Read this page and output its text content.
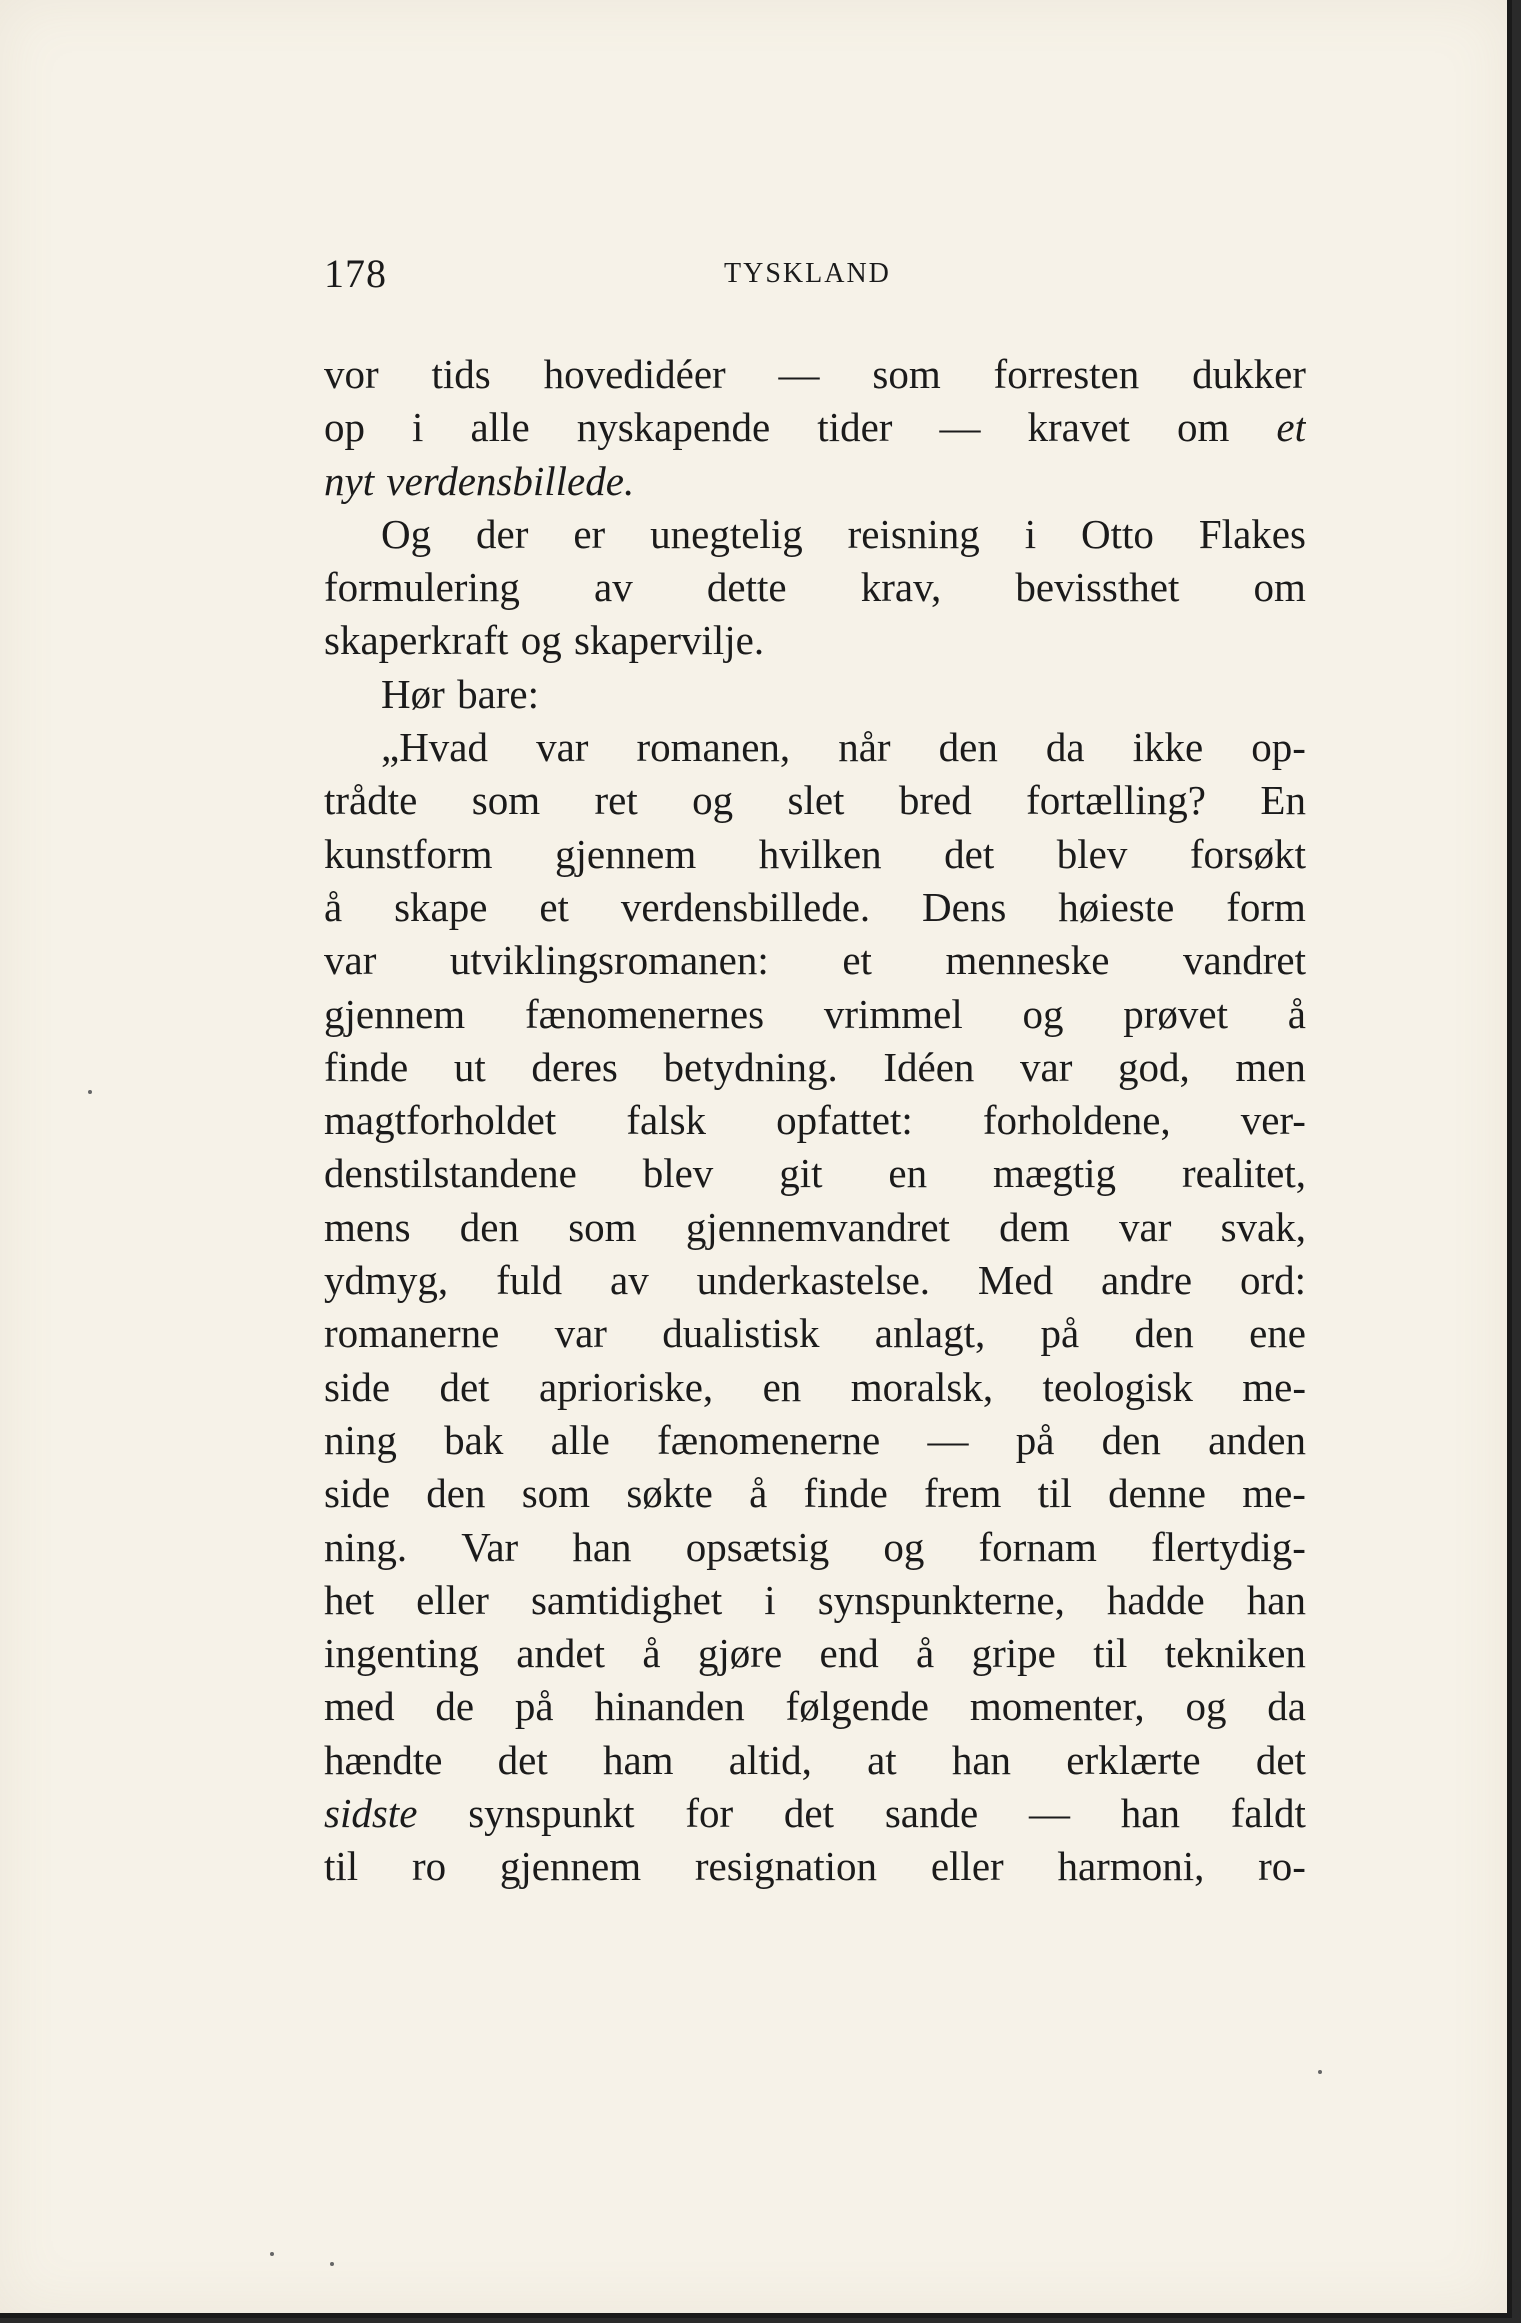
178	TYSKLAND
vor tids hovedidéer — som forresten dukker
op i alle nyskapende tider — kravet om et
nyt verdensbillede.
Og der er unegtelig reisning i Otto Flakes
formulering av dette krav, bevissthet om
skaperkraft og skapervilje.
Hør bare:
„Hvad var romanen, når den da ikke op-
trådte som ret og slet bred fortælling? En
kunstform gjennem hvilken det blev forsøkt
å skape et verdensbillede. Dens høieste form
var utviklingsromanen: et menneske vandret
gjennem fænomenernes vrimmel og prøvet å
finde ut deres betydning. Idéen var god, men
magtforholdet falsk opfattet: forholdene, ver-
denstilstandene blev git en mægtig realitet,
mens den som gjennemvandret dem var svak,
ydmyg, fuld av underkastelse. Med andre ord:
romanerne var dualistisk anlagt, på den ene
side det aprioriske, en moralsk, teologisk me-
ning bak alle fænomenerne — på den anden
side den som søkte å finde frem til denne me-
ning. Var han opsætsig og fornam flertydig-
het eller samtidighet i synspunkterne, hadde han
ingenting andet å gjøre end å gripe til tekniken
med de på hinanden følgende momenter, og da
hændte det ham altid, at han erklærte det
sidste synspunkt for det sande — han faldt
til ro gjennem resignation eller harmoni, ro-
